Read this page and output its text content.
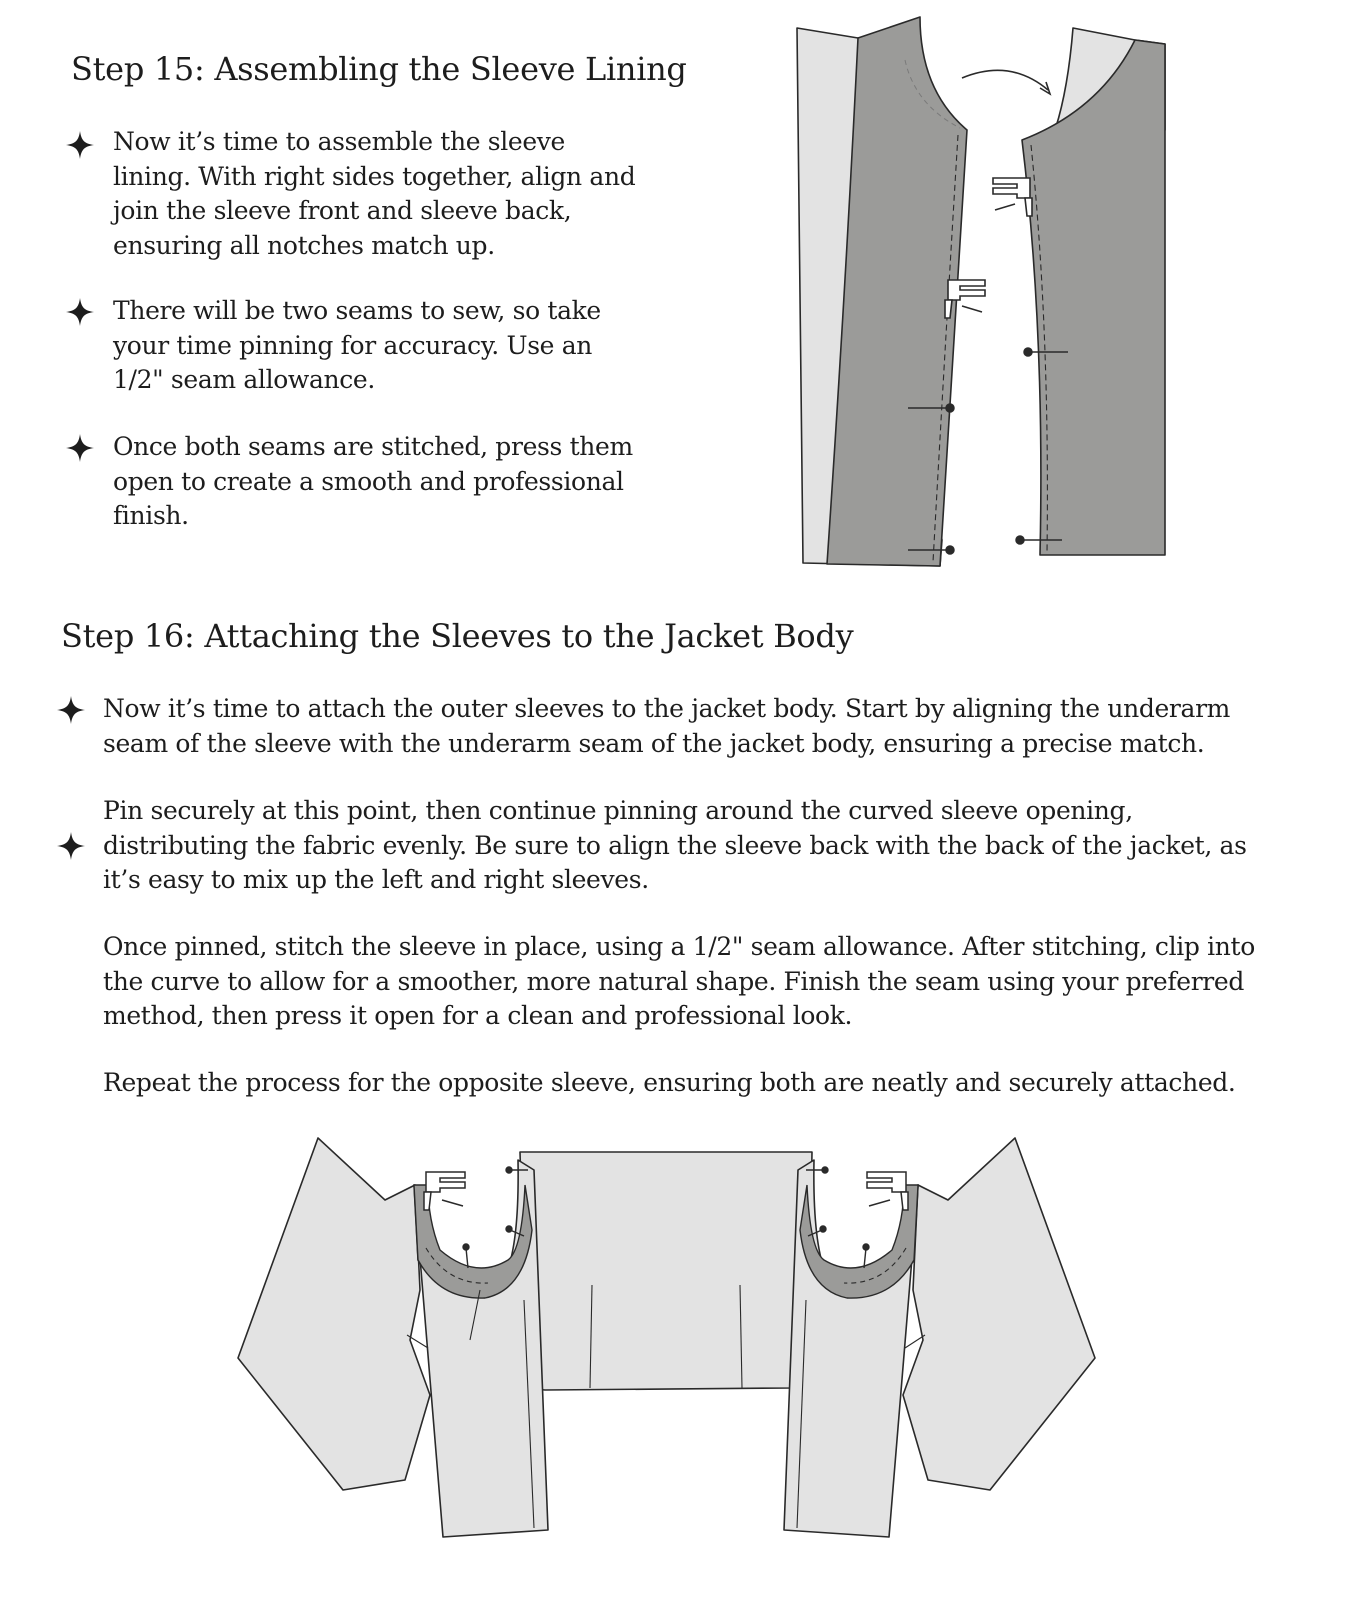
Step 15: Assembling the Sleeve Lining

Now it’s time to assemble the sleeve lining. With right sides together, align and join the sleeve front and sleeve back, ensuring all notches match up.

There will be two seams to sew, so take your time pinning for accuracy. Use an 1/2" seam allowance.

Once both seams are stitched, press them open to create a smooth and professional finish.

Step 16: Attaching the Sleeves to the Jacket Body

Now it’s time to attach the outer sleeves to the jacket body. Start by aligning the underarm seam of the sleeve with the underarm seam of the jacket body, ensuring a precise match.

Pin securely at this point, then continue pinning around the curved sleeve opening, distributing the fabric evenly. Be sure to align the sleeve back with the back of the jacket, as it’s easy to mix up the left and right sleeves.

Once pinned, stitch the sleeve in place, using a 1/2" seam allowance. After stitching, clip into the curve to allow for a smoother, more natural shape. Finish the seam using your preferred method, then press it open for a clean and professional look.

Repeat the process for the opposite sleeve, ensuring both are neatly and securely attached.
